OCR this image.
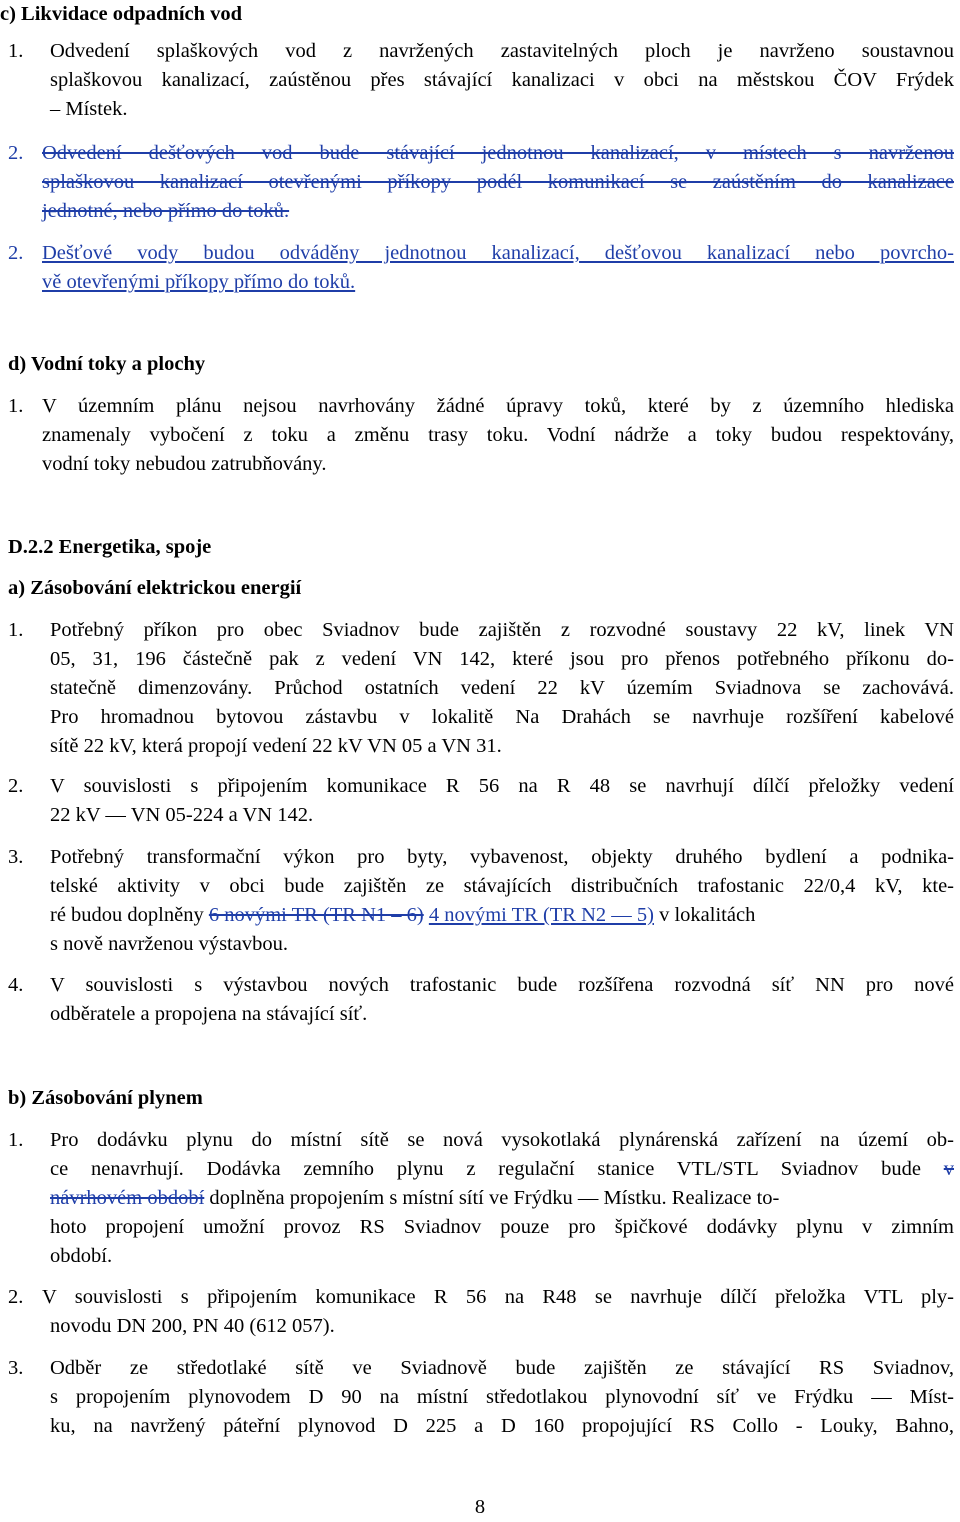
c) Likvidace odpadních vod
1. Odvedení splaškových vod z navržených zastavitelných ploch je navrženo soustavnou
splaškovou kanalizací, zaústěnou přes stávající kanalizaci v obci na městskou ČOV Frýdek
– Místek.
2. Odvedení dešťových vod bude stávající jednotnou kanalizací, v místech s navrženou
splaškovou kanalizací otevřenými příkopy podél komunikací se zaústěním do kanalizace
jednotné, nebo přímo do toků.
2. Dešťové vody budou odváděny jednotnou kanalizací, dešťovou kanalizací nebo povrcho-
vě otevřenými příkopy přímo do toků.
d) Vodní toky a plochy
1. V územním plánu nejsou navrhovány žádné úpravy toků, které by z územního hlediska
znamenaly vybočení z toku a změnu trasy toku. Vodní nádrže a toky budou respektovány,
vodní toky nebudou zatrubňovány.
D.2.2 Energetika, spoje
a) Zásobování elektrickou energií
1. Potřebný příkon pro obec Sviadnov bude zajištěn z rozvodné soustavy 22 kV, linek VN
05, 31, 196 částečně pak z vedení VN 142, které jsou pro přenos potřebného příkonu do-
statečně dimenzovány. Průchod ostatních vedení 22 kV územím Sviadnova se zachovává.
Pro hromadnou bytovou zástavbu v lokalitě Na Drahách se navrhuje rozšíření kabelové
sítě 22 kV, která propojí vedení 22 kV VN 05 a VN 31.
2. V souvislosti s připojením komunikace R 56 na R 48 se navrhují dílčí přeložky vedení
22 kV — VN 05-224 a VN 142.
3. Potřebný transformační výkon pro byty, vybavenost, objekty druhého bydlení a podnika-
telské aktivity v obci bude zajištěn ze stávajících distribučních trafostanic 22/0,4 kV, kte-
ré budou doplněny 6 novými TR (TR N1 – 6) 4 novými TR (TR N2 — 5) v lokalitách
s nově navrženou výstavbou.
4. V souvislosti s výstavbou nových trafostanic bude rozšířena rozvodná síť NN pro nové
odběratele a propojena na stávající síť.
b) Zásobování plynem
1. Pro dodávku plynu do místní sítě se nová vysokotlaká plynárenská zařízení na území ob-
ce nenavrhují. Dodávka zemního plynu z regulační stanice VTL/STL Sviadnov bude v
návrhovém období doplněna propojením s místní sítí ve Frýdku — Místku. Realizace to-
hoto propojení umožní provoz RS Sviadnov pouze pro špičkové dodávky plynu v zimním
období.
2. V souvislosti s připojením komunikace R 56 na R48 se navrhuje dílčí přeložka VTL ply-
novodu DN 200, PN 40 (612 057).
3. Odběr ze středotlaké sítě ve Sviadnově bude zajištěn ze stávající RS Sviadnov,
s propojením plynovodem D 90 na místní středotlakou plynovodní síť ve Frýdku — Míst-
ku, na navržený páteřní plynovod D 225 a D 160 propojující RS Collo - Louky, Bahno,
8
